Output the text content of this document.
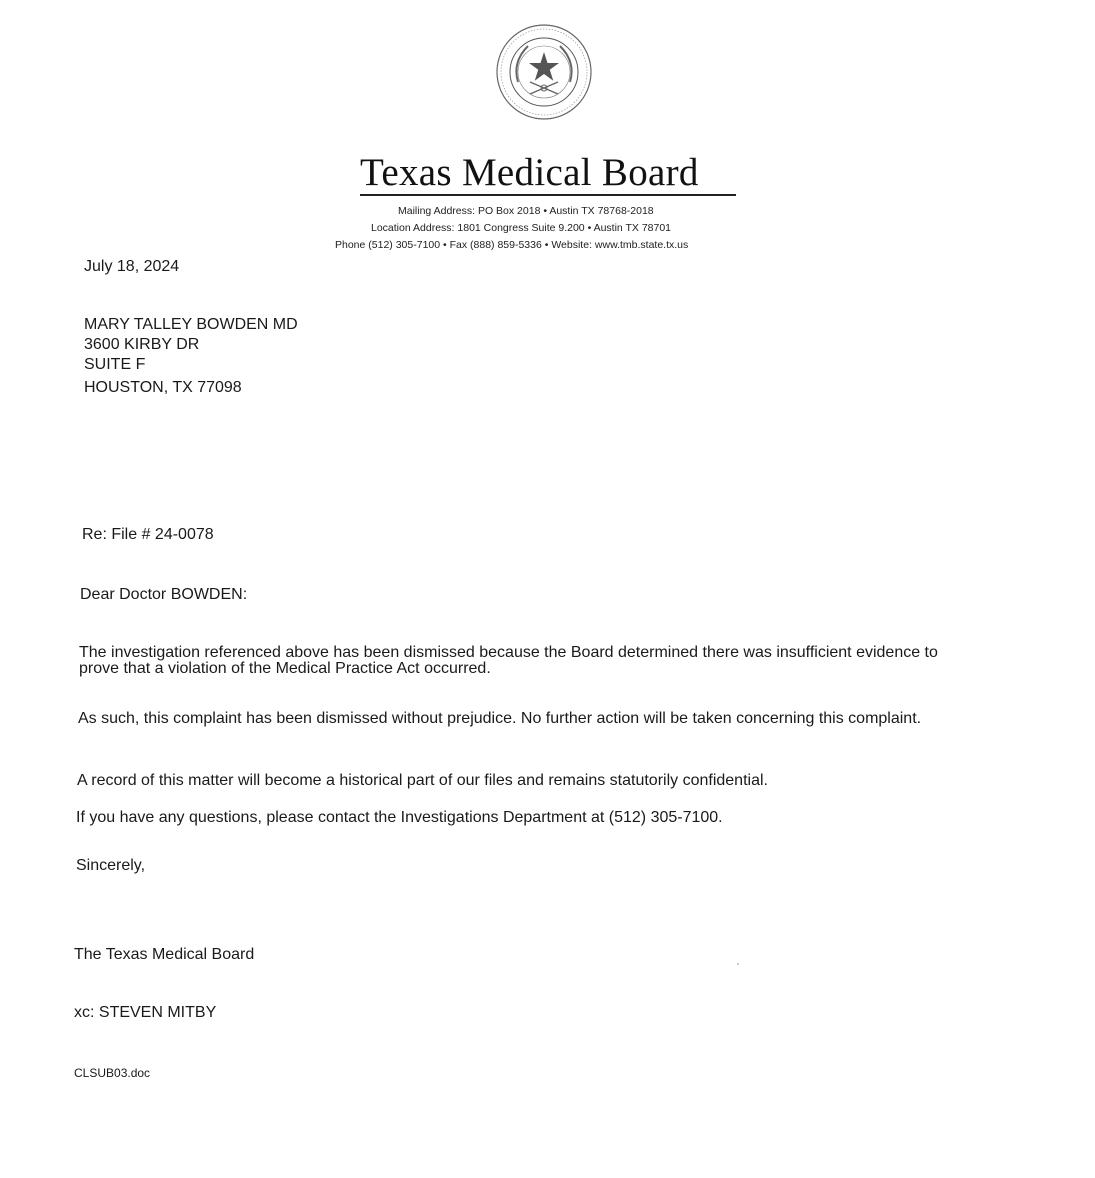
Texas Medical Board
Mailing Address: PO Box 2018 • Austin TX 78768-2018
Location Address: 1801 Congress Suite 9.200 • Austin TX 78701
Phone (512) 305-7100 • Fax (888) 859-5336 • Website: www.tmb.state.tx.us
July 18, 2024
MARY TALLEY BOWDEN MD
3600 KIRBY DR
SUITE F
HOUSTON, TX 77098
Re: File # 24-0078
Dear Doctor BOWDEN:
The investigation referenced above has been dismissed because the Board determined there was insufficient evidence to prove that a violation of the Medical Practice Act occurred.
As such, this complaint has been dismissed without prejudice. No further action will be taken concerning this complaint.
A record of this matter will become a historical part of our files and remains statutorily confidential.
If you have any questions, please contact the Investigations Department at (512) 305-7100.
Sincerely,
The Texas Medical Board
xc: STEVEN MITBY
CLSUB03.doc
